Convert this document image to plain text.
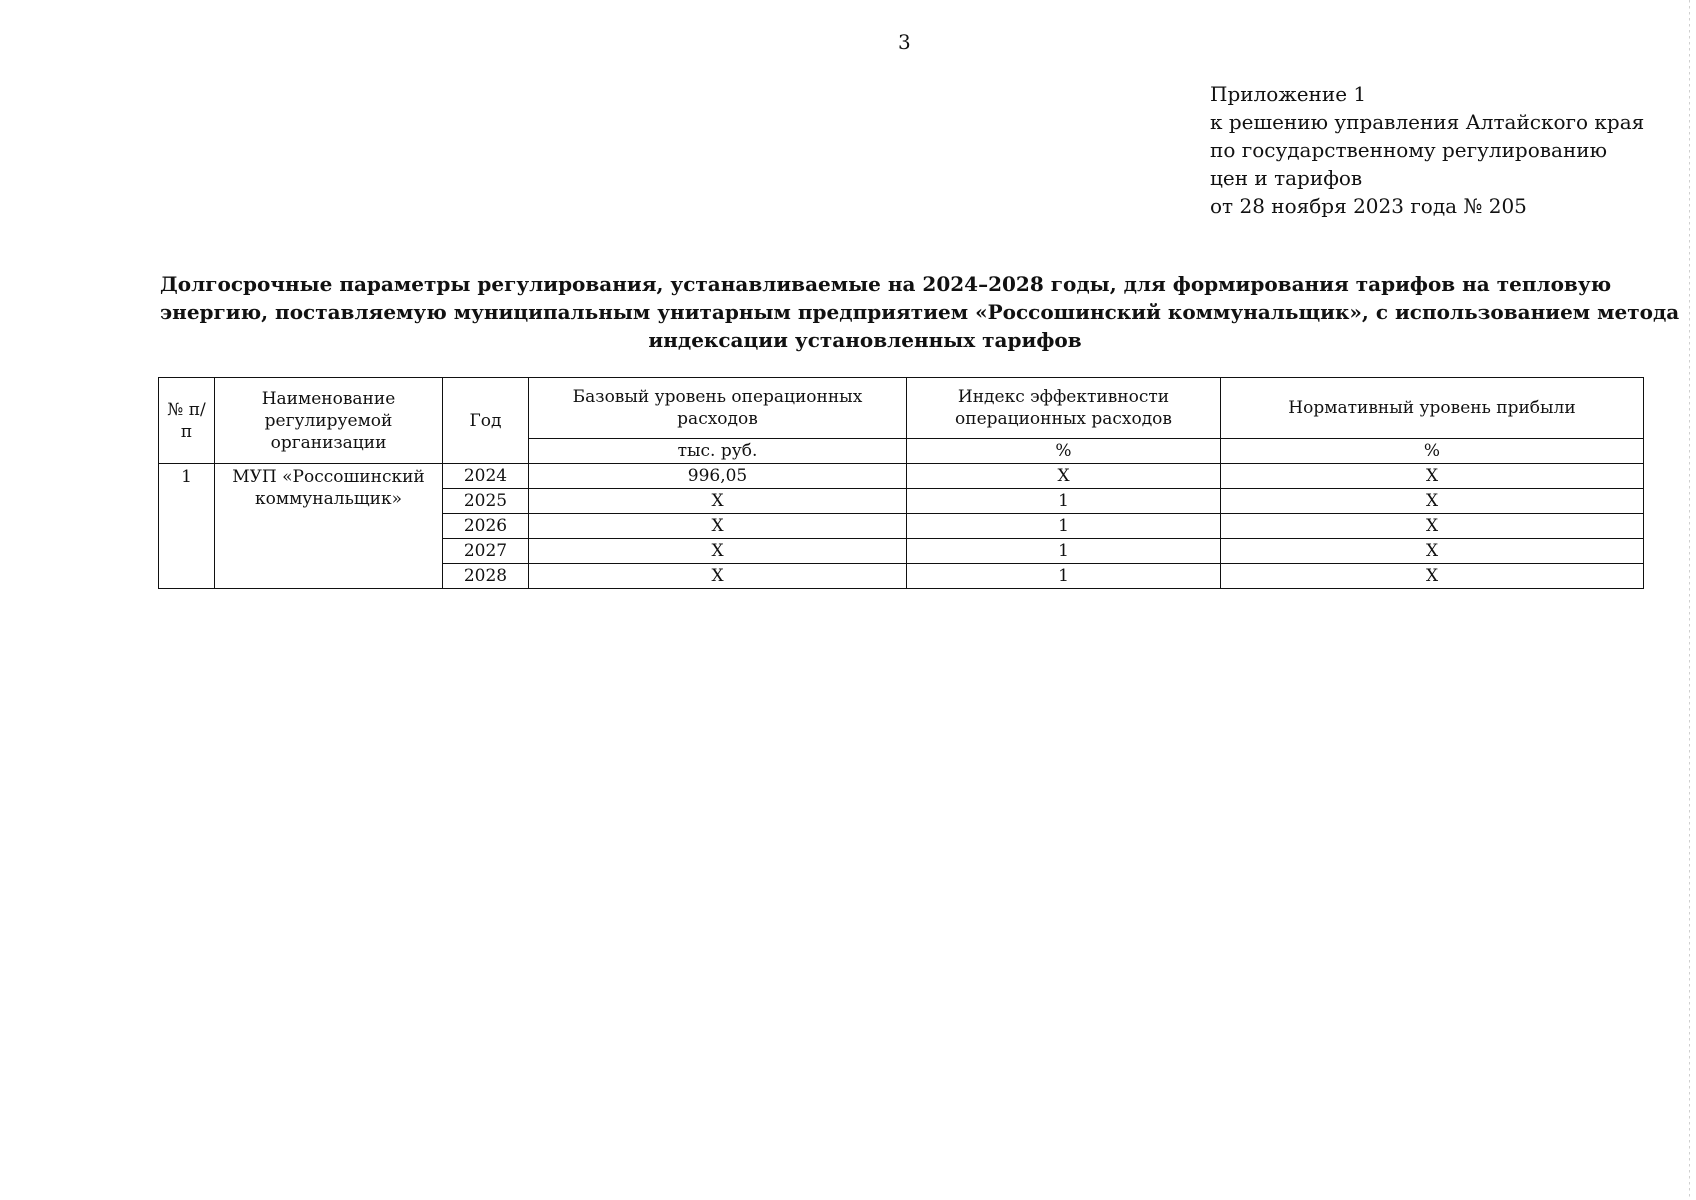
3
Приложение 1
к решению управления Алтайского края
по государственному регулированию
цен и тарифов
от 28 ноября 2023 года № 205
Долгосрочные параметры регулирования, устанавливаемые на 2024–2028 годы, для формирования тарифов на тепловую
энергию, поставляемую муниципальным унитарным предприятием «Россошинский коммунальщик», с использованием метода
индексации установленных тарифов
№ п/п	Наименование регулируемой организации	Год	Базовый уровень операционных расходов	Индекс эффективности операционных расходов	Нормативный уровень прибыли
			тыс. руб.	%	%
1	МУП «Россошинский коммунальщик»	2024	996,05	Х	Х
		2025	Х	1	Х
		2026	Х	1	Х
		2027	Х	1	Х
		2028	Х	1	Х
